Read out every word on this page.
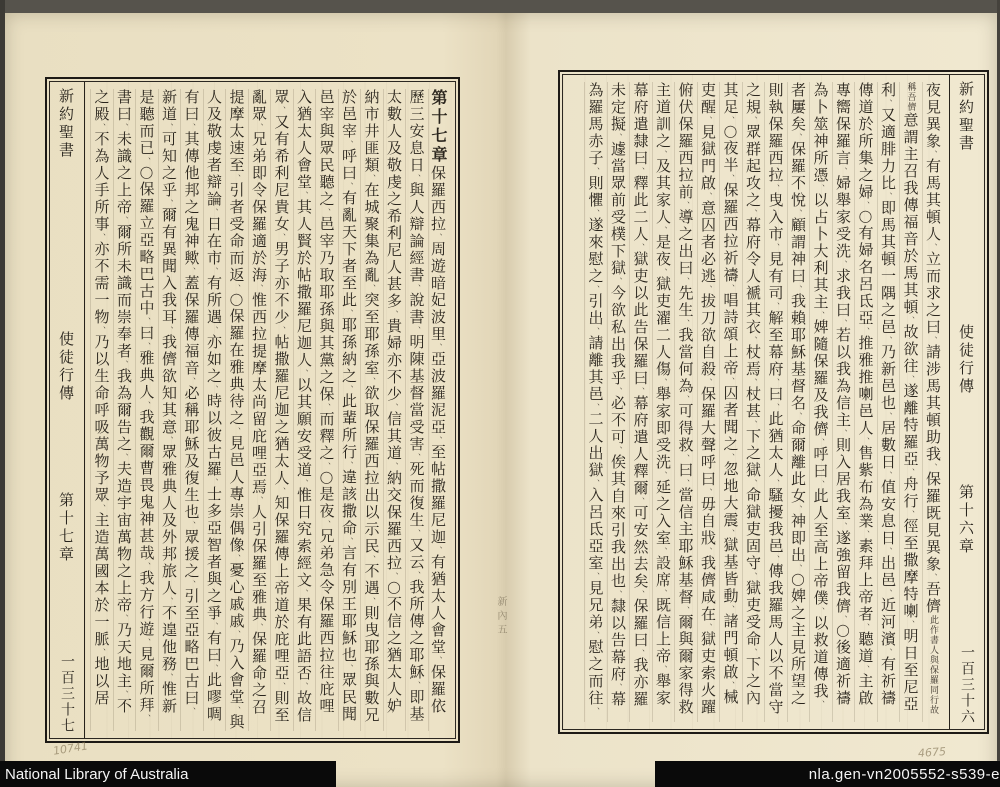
新約聖書
使徒行傳
第十七章
一百三十七
第十七章保羅西拉、周遊暗妃波里、亞波羅泥亞、至帖撒羅尼迦、有猶太人會堂、保羅依
歷三安息日、與人辯論經書、說書、明陳基督當受害、死而復生、又云、我所傳之耶穌、即基
太數人及敬虔之希利尼人甚多、貴婦亦不少、信其道、納交保羅西拉、◯不信之猶太人妒
納市井匪類、在城聚集為亂、突至耶孫室、欲取保羅西拉出以示民、不遇、則曳耶孫與數兄
於邑宰、呼曰、有亂天下者至此、耶孫納之、此輩所行、違該撒命、言有別王耶穌也、眾民聞
邑宰與眾民聽之、邑宰乃取耶孫與其黨之保、而釋之、◯是夜、兄弟急令保羅西拉往庇哩
入猶太人會堂、其人賢於帖撒羅尼迦人、以其願安受道、惟日究索經文、果有此語否、故信
眾、又有希利尼貴女、男子亦不少、帖撒羅尼迦之猶太人、知保羅傳上帝道於庇哩亞、則至
亂眾、兄弟即令保羅適於海、惟西拉提摩太尚留庇哩亞焉、人引保羅至雅典、保羅命之召
提摩太速至、引者受命而返、◯保羅在雅典待之、見邑人專崇偶像、憂心戚戚、乃入會堂、與
人及敬虔者辯論、日在市、有所遇、亦如之、時以彼古羅、士多亞智者與之爭、有曰、此嘐啁
有曰、其傳他邦之鬼神歟、蓋保羅傳福音、必稱耶穌及復生也、眾援之、引至亞略巴古曰、
新道、可知之乎、爾有異聞入我耳、我儕欲知其意、眾雅典人及外邦旅人、不遑他務、惟新
是聽而已、◯保羅立亞略巴古中、曰、雅典人、我觀爾曹畏鬼神甚哉、我方行遊、見爾所拜、
書曰、未識之上帝、爾所未識而崇奉者、我為爾告之、夫造宇宙萬物之上帝、乃天地主、不
之殿、不為人手所事、亦不需一物、乃以生命呼吸萬物予眾、主造萬國本於一脈、地以居
夜見異象、有馬其頓人、立而求之曰、請涉馬其頓助我、保羅既見異象、吾儕此作書人與保羅同行故
稱吾儕意謂主召我傳福音於馬其頓、故欲往、遂離特羅亞、舟行、徑至撒摩特喇、明日至尼亞
利、又適腓力比、即馬其頓一隅之邑、乃新邑也、居數日、值安息日、出邑、近河濱、有祈禱
傳道於所集之婦、◯有婦名呂氐亞、推雅推喇邑人、售紫布為業、素拜上帝者、聽道、主啟
專嚮保羅言、婦舉家受洗、求我曰、若以我為信主、則入居我室、遂強留我儕、◯後適祈禱
為卜筮神所憑、以占卜大利其主、婢隨保羅及我儕、呼曰、此人至高上帝僕、以救道傳我、
者屢矣、保羅不悅、顧謂神曰、我賴耶穌基督名、命爾離此女、神即出、◯婢之主見所望之
則執保羅西拉、曳入市、見有司、解至幕府、曰、此猶太人、騷擾我邑、傳我羅馬人以不當守
之規、眾群起攻之、幕府令人褫其衣、杖焉、杖甚、下之獄、命獄吏固守、獄吏受命、下之內
其足、◯夜半、保羅西拉祈禱、唱詩頌上帝、囚者聞之、忽地大震、獄基皆動、諸門頓啟、械
吏醒、見獄門啟、意囚者必逃、拔刀欲自殺、保羅大聲呼曰、毋自戕、我儕咸在、獄吏索火躍
俯伏保羅西拉前、導之出曰、先生、我當何為、可得救、曰、當信主耶穌基督、爾與爾家得救
主道訓之、及其家人、是夜、獄吏濯二人傷、舉家即受洗、延之入室、設席、既信上帝、舉家
幕府遣隸曰、釋此二人、獄吏以此告保羅曰、幕府遣人釋爾、可安然去矣、保羅曰、我亦羅
未定擬、遽當眾前受樸下獄、今欲私出我乎、必不可、俟其自來引我出也、隸以告幕府、幕
為羅馬赤子、則懼、遂來慰之、引出、請離其邑、二人出獄、入呂氐亞室、見兄弟、慰之而往、
新約聖書
使徒行傳
第十六章
一百三十六
新內五
10741	4675
National Library of Australia	nla.gen-vn2005552-s539-e
